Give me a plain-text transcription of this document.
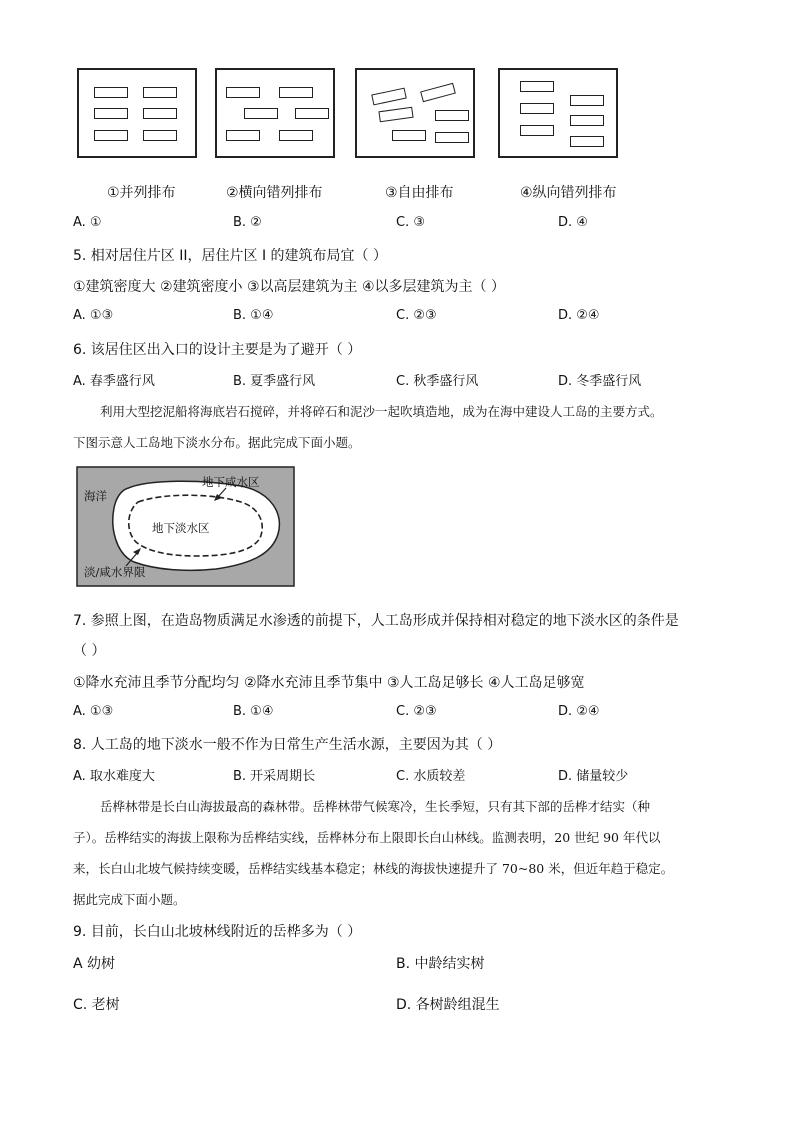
①并列排布	②横向错列排布	③自由排布	④纵向错列排布
A. ①	B. ②	C. ③	D. ④
5. 相对居住片区 II，居住片区 I 的建筑布局宜（ ）
①建筑密度大 ②建筑密度小 ③以高层建筑为主 ④以多层建筑为主（ ）
A. ①③	B. ①④	C. ②③	D. ②④
6. 该居住区出入口的设计主要是为了避开（ ）
A. 春季盛行风	B. 夏季盛行风	C. 秋季盛行风	D. 冬季盛行风
利用大型挖泥船将海底岩石搅碎，并将碎石和泥沙一起吹填造地，成为在海中建设人工岛的主要方式。
下图示意人工岛地下淡水分布。据此完成下面小题。
海洋
地下咸水区
地下淡水区
淡/咸水界限
7. 参照上图，在造岛物质满足水渗透的前提下，人工岛形成并保持相对稳定的地下淡水区的条件是
（ ）
①降水充沛且季节分配均匀 ②降水充沛且季节集中 ③人工岛足够长 ④人工岛足够宽
A. ①③	B. ①④	C. ②③	D. ②④
8. 人工岛的地下淡水一般不作为日常生产生活水源，主要因为其（ ）
A. 取水难度大	B. 开采周期长	C. 水质较差	D. 储量较少
岳桦林带是长白山海拔最高的森林带。岳桦林带气候寒冷，生长季短，只有其下部的岳桦才结实（种
子）。岳桦结实的海拔上限称为岳桦结实线，岳桦林分布上限即长白山林线。监测表明，20 世纪 90 年代以
来，长白山北坡气候持续变暖，岳桦结实线基本稳定；林线的海拔快速提升了 70~80 米，但近年趋于稳定。
据此完成下面小题。
9. 目前，长白山北坡林线附近的岳桦多为（ ）
A 幼树	B. 中龄结实树
C. 老树	D. 各树龄组混生
